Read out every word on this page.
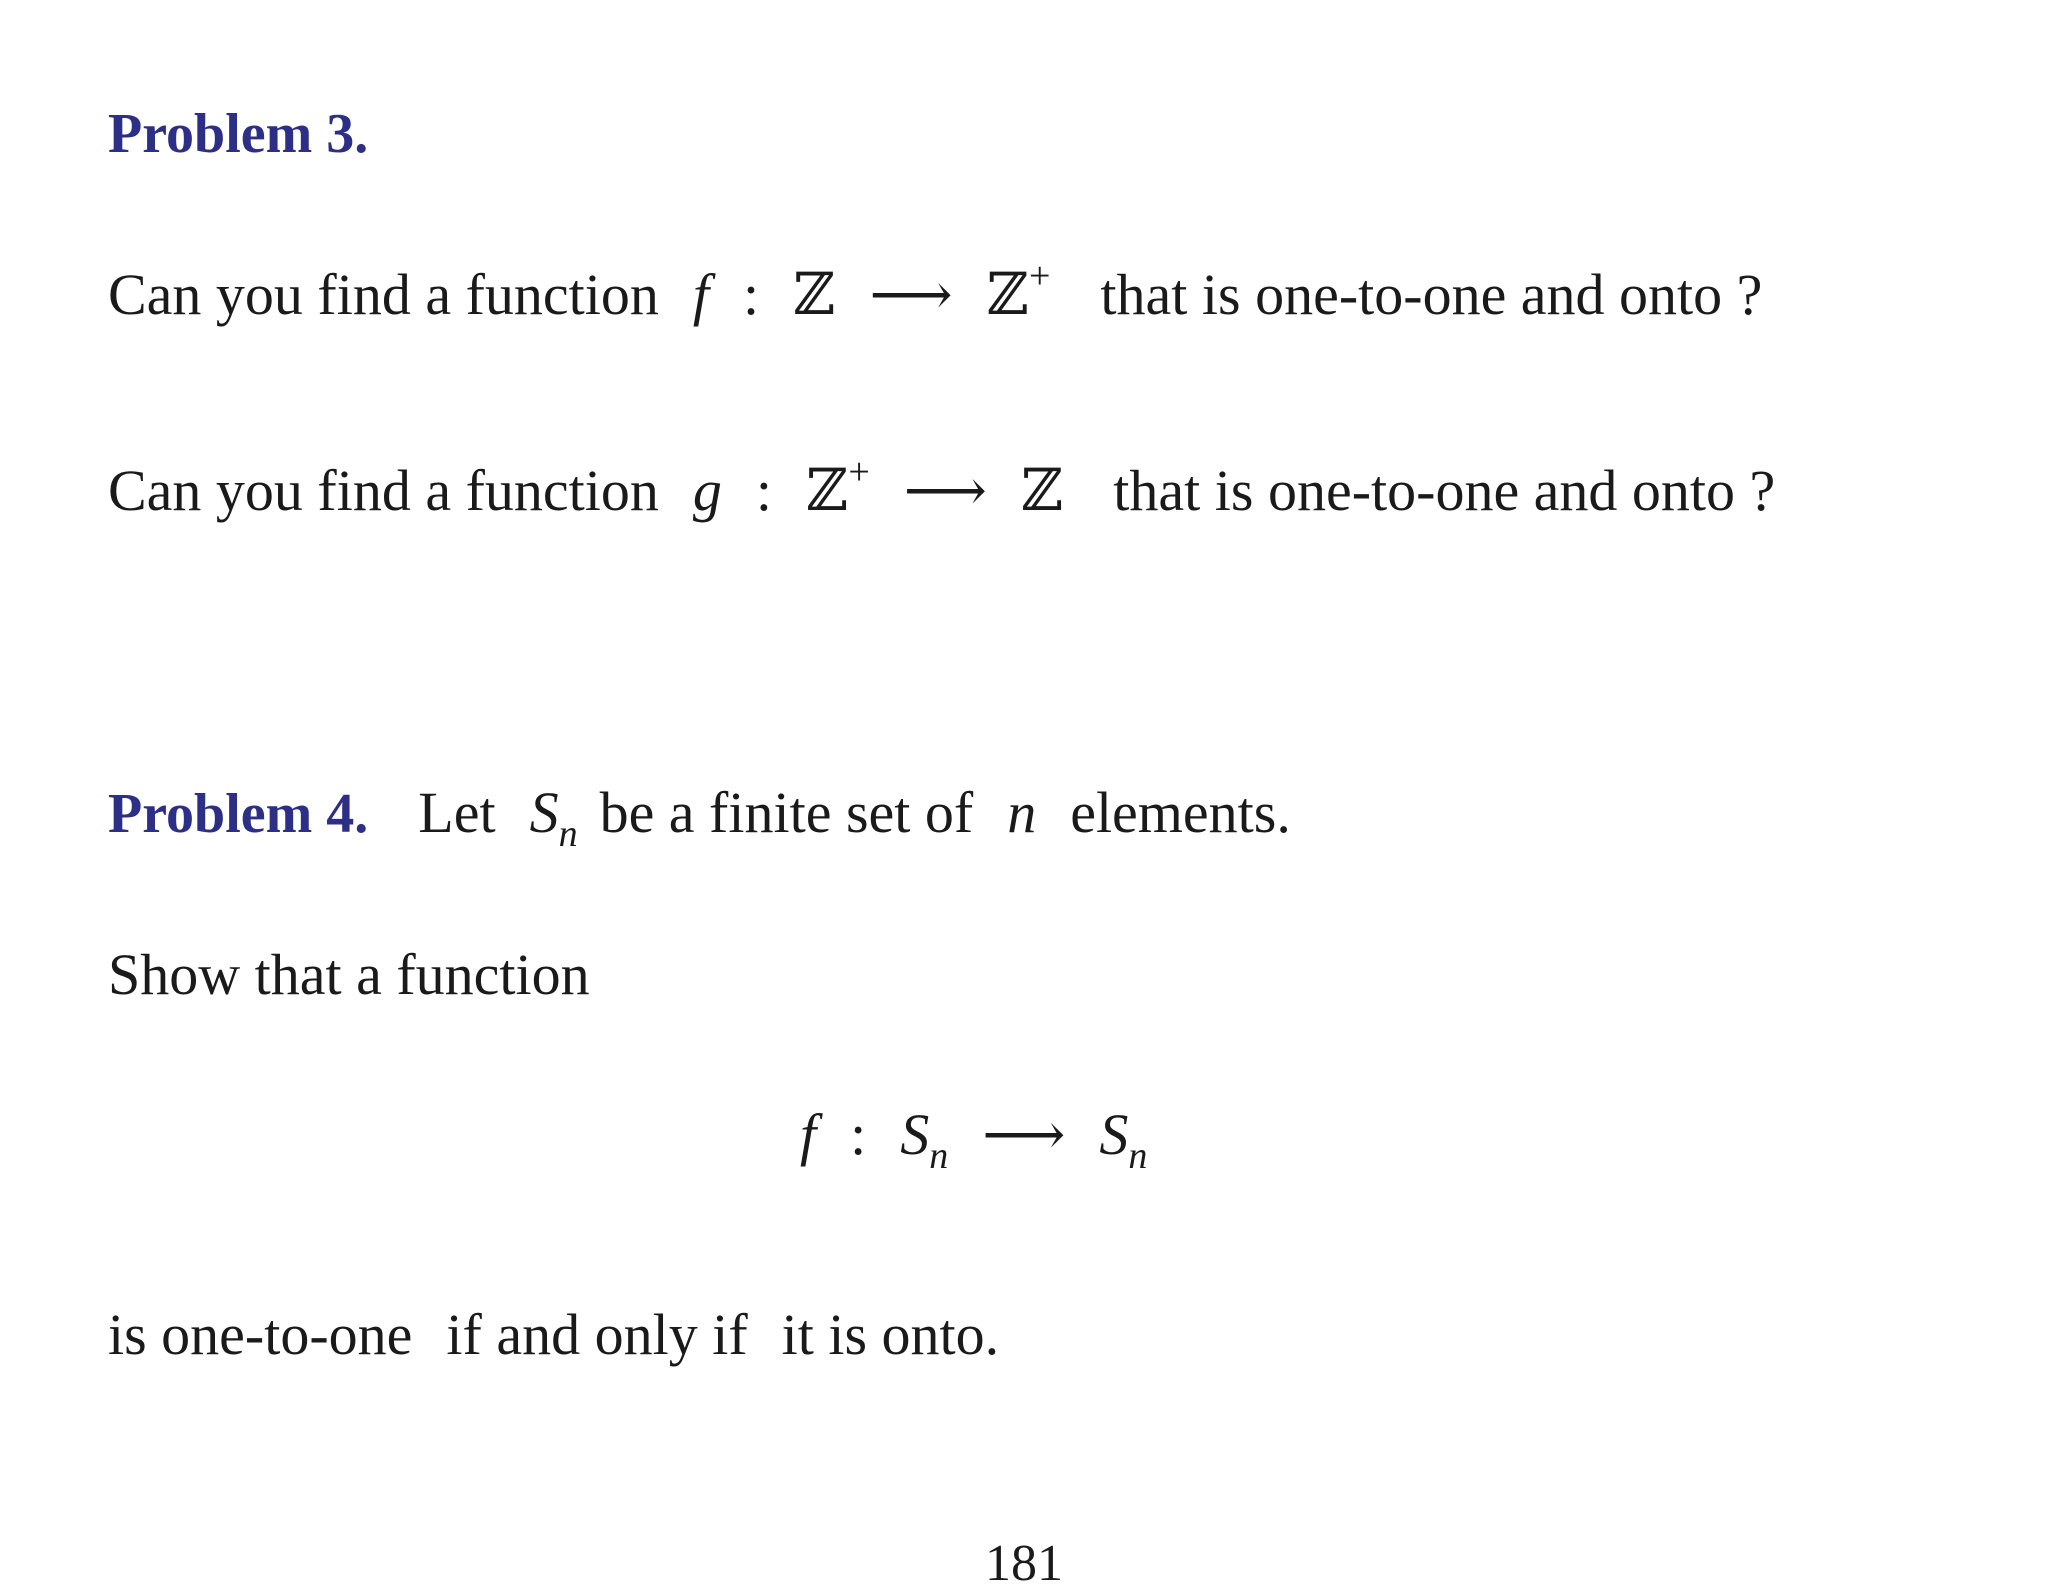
Problem 3.
Can you find a function f : ℤ ⟶ ℤ + that is one-to-one and onto ?
Can you find a function g : ℤ + ⟶ ℤ that is one-to-one and onto ?
Problem 4. Let S n be a finite set of n elements.
Show that a function
f : S n ⟶ S n
is one-to-one if and only if it is onto.
181
